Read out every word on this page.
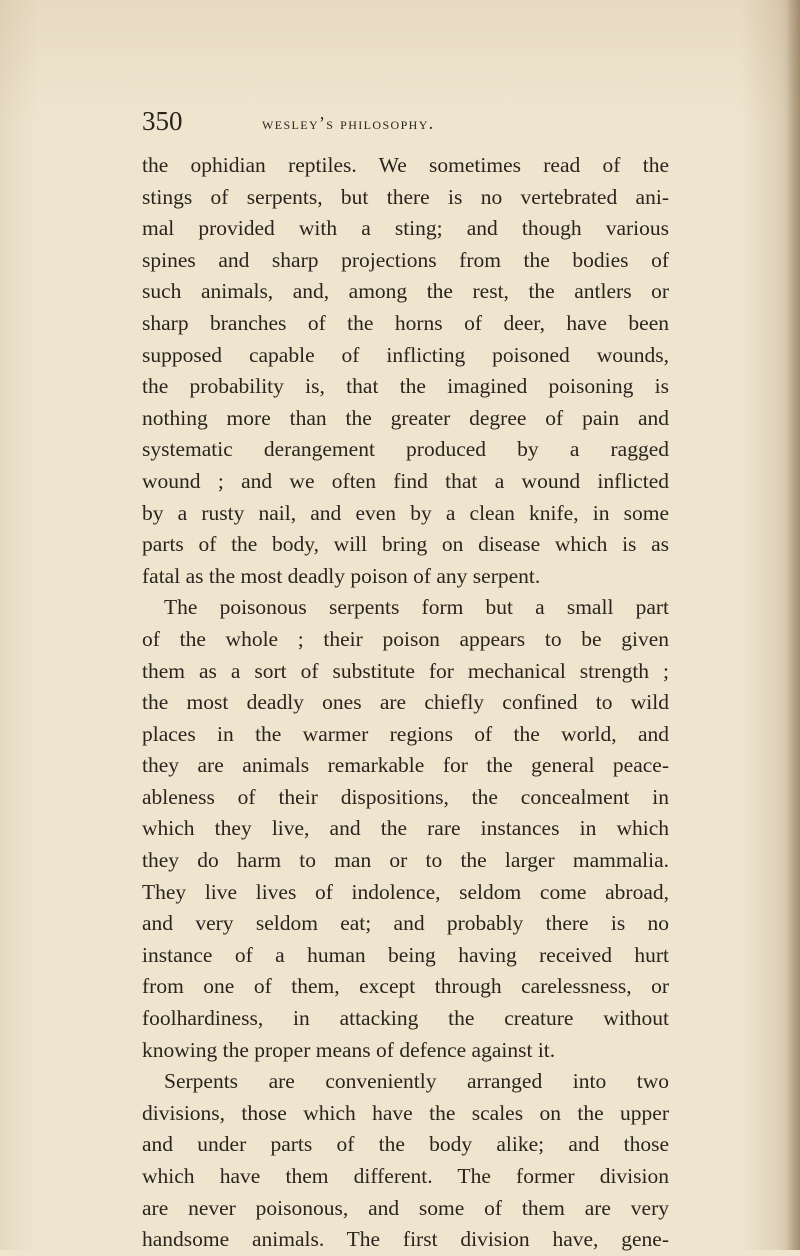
350	wesley’s philosophy.
the ophidian reptiles. We sometimes read of the
stings of serpents, but there is no vertebrated ani-
mal provided with a sting; and though various
spines and sharp projections from the bodies of
such animals, and, among the rest, the antlers or
sharp branches of the horns of deer, have been
supposed capable of inflicting poisoned wounds,
the probability is, that the imagined poisoning is
nothing more than the greater degree of pain and
systematic derangement produced by a ragged
wound ; and we often find that a wound inflicted
by a rusty nail, and even by a clean knife, in some
parts of the body, will bring on disease which is as
fatal as the most deadly poison of any serpent.
The poisonous serpents form but a small part
of the whole ; their poison appears to be given
them as a sort of substitute for mechanical strength ;
the most deadly ones are chiefly confined to wild
places in the warmer regions of the world, and
they are animals remarkable for the general peace-
ableness of their dispositions, the concealment in
which they live, and the rare instances in which
they do harm to man or to the larger mammalia.
They live lives of indolence, seldom come abroad,
and very seldom eat; and probably there is no
instance of a human being having received hurt
from one of them, except through carelessness, or
foolhardiness, in attacking the creature without
knowing the proper means of defence against it.
Serpents are conveniently arranged into two
divisions, those which have the scales on the upper
and under parts of the body alike; and those
which have them different. The former division
are never poisonous, and some of them are very
handsome animals. The first division have, gene-
